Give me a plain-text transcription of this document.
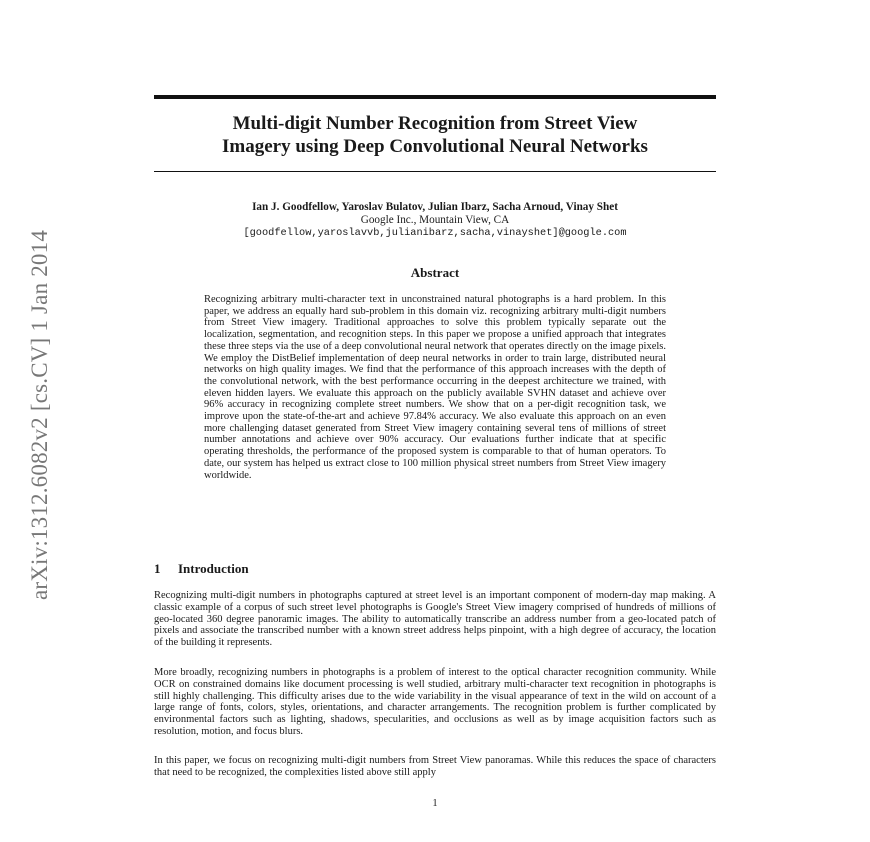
arXiv:1312.6082v2 [cs.CV] 1 Jan 2014
Multi-digit Number Recognition from Street View
Imagery using Deep Convolutional Neural Networks
Ian J. Goodfellow, Yaroslav Bulatov, Julian Ibarz, Sacha Arnoud, Vinay Shet
Google Inc., Mountain View, CA
[goodfellow,yaroslavvb,julianibarz,sacha,vinayshet]@google.com
Abstract

Recognizing arbitrary multi-character text in unconstrained natural photographs is a hard problem. In this paper, we address an equally hard sub-problem in this domain viz. recognizing arbitrary multi-digit numbers from Street View imagery. Traditional approaches to solve this problem typically separate out the localization, segmentation, and recognition steps. In this paper we propose a unified approach that integrates these three steps via the use of a deep convolutional neural network that operates directly on the image pixels. We employ the DistBelief implementation of deep neural networks in order to train large, distributed neural networks on high quality images. We find that the performance of this approach increases with the depth of the convolutional network, with the best performance occurring in the deepest architecture we trained, with eleven hidden layers. We evaluate this approach on the publicly available SVHN dataset and achieve over 96% accuracy in recognizing complete street numbers. We show that on a per-digit recognition task, we improve upon the state-of-the-art and achieve 97.84% accuracy. We also evaluate this approach on an even more challenging dataset generated from Street View imagery containing several tens of millions of street number annotations and achieve over 90% accuracy. Our evaluations further indicate that at specific operating thresholds, the performance of the proposed system is comparable to that of human operators. To date, our system has helped us extract close to 100 million physical street numbers from Street View imagery worldwide.

1 Introduction

Recognizing multi-digit numbers in photographs captured at street level is an important component of modern-day map making. A classic example of a corpus of such street level photographs is Google's Street View imagery comprised of hundreds of millions of geo-located 360 degree panoramic images. The ability to automatically transcribe an address number from a geo-located patch of pixels and associate the transcribed number with a known street address helps pinpoint, with a high degree of accuracy, the location of the building it represents.

More broadly, recognizing numbers in photographs is a problem of interest to the optical character recognition community. While OCR on constrained domains like document processing is well studied, arbitrary multi-character text recognition in photographs is still highly challenging. This difficulty arises due to the wide variability in the visual appearance of text in the wild on account of a large range of fonts, colors, styles, orientations, and character arrangements. The recognition problem is further complicated by environmental factors such as lighting, shadows, specularities, and occlusions as well as by image acquisition factors such as resolution, motion, and focus blurs.

In this paper, we focus on recognizing multi-digit numbers from Street View panoramas. While this reduces the space of characters that need to be recognized, the complexities listed above still apply

1
